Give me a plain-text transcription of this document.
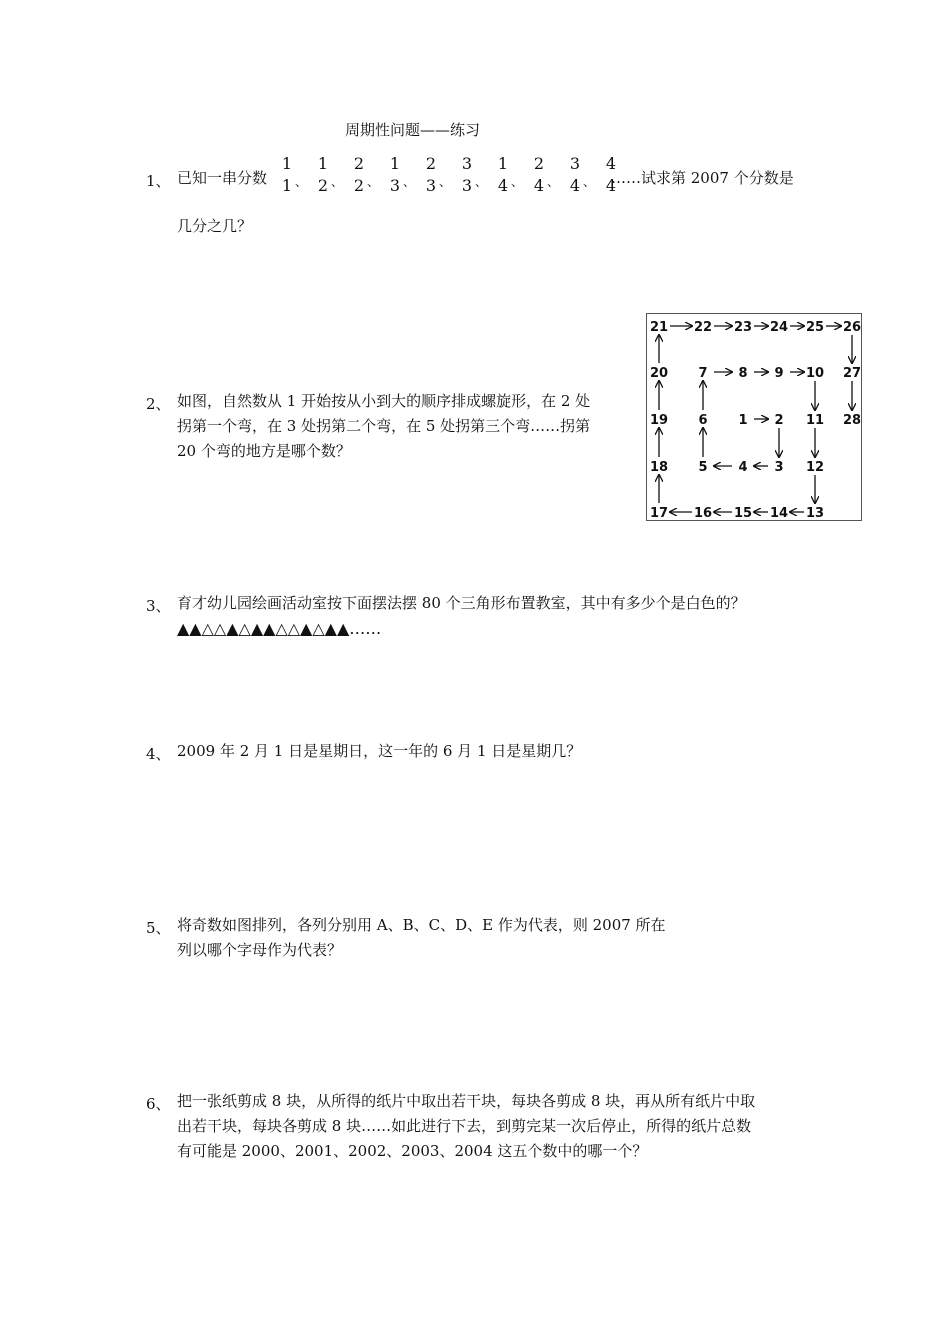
周期性问题——练习
1、 已知一串分数
1
1 、
1
2 、
2
2 、
1
3 、
2
3 、
3
3 、
1
4 、
2
4 、
3
4 、
4
4
……试求第 2007 个分数是
几分之几？
2、 如图，自然数从 1 开始按从小到大的顺序排成螺旋形，在 2 处
拐第一个弯，在 3 处拐第二个弯，在 5 处拐第三个弯……拐第
20 个弯的地方是哪个数？
1 2
3
4
5
6
7 8 9 10
11
12
13
14
15
16
17
18
19
20
21 22 23 24 25 26
27
28
3、 育才幼儿园绘画活动室按下面摆法摆 80 个三角形布置教室，其中有多少个是白色的？
▲▲△△▲△▲▲△△▲△▲▲……
4、 2009 年 2 月 1 日是星期日，这一年的 6 月 1 日是星期几？
5、 将奇数如图排列，各列分别用 A、B、C、D、E 作为代表，则 2007 所在
列以哪个字母作为代表？
6、 把一张纸剪成 8 块，从所得的纸片中取出若干块，每块各剪成 8 块，再从所有纸片中取
出若干块，每块各剪成 8 块……如此进行下去，到剪完某一次后停止，所得的纸片总数
有可能是 2000、2001、2002、2003、2004 这五个数中的哪一个？
